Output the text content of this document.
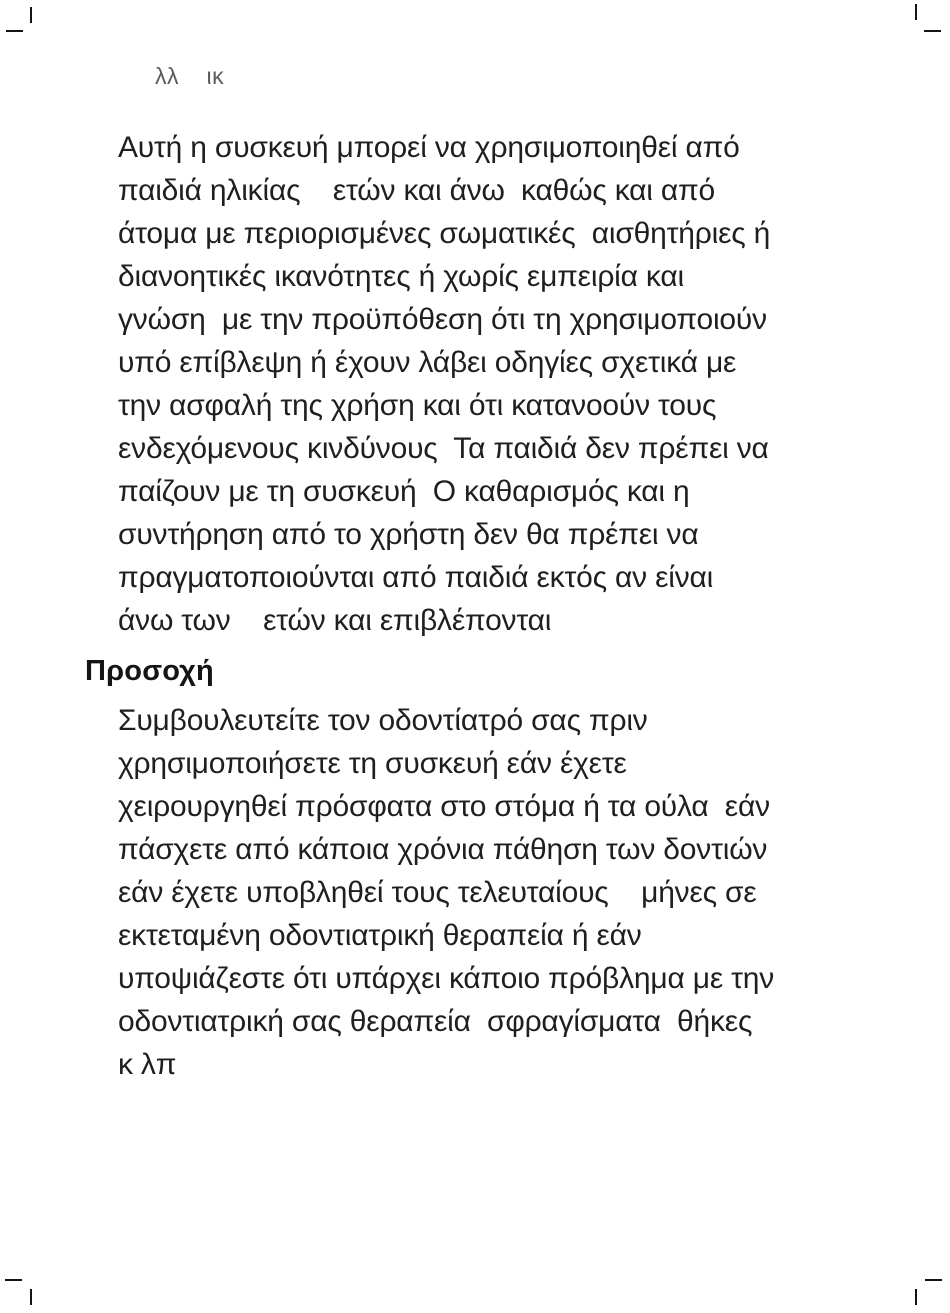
λλ    ικ
Αυτή η συσκευή μπορεί να χρησιμοποιηθεί από
παιδιά ηλικίας    ετών και άνω  καθώς και από
άτομα με περιορισμένες σωματικές  αισθητήριες ή
διανοητικές ικανότητες ή χωρίς εμπειρία και
γνώση  με την προϋπόθεση ότι τη χρησιμοποιούν
υπό επίβλεψη ή έχουν λάβει οδηγίες σχετικά με
την ασφαλή της χρήση και ότι κατανοούν τους
ενδεχόμενους κινδύνους  Τα παιδιά δεν πρέπει να
παίζουν με τη συσκευή  Ο καθαρισμός και η
συντήρηση από το χρήστη δεν θα πρέπει να
πραγματοποιούνται από παιδιά εκτός αν είναι
άνω των    ετών και επιβλέπονται
Προσοχή
Συμβουλευτείτε τον οδοντίατρό σας πριν
χρησιμοποιήσετε τη συσκευή εάν έχετε
χειρουργηθεί πρόσφατα στο στόμα ή τα ούλα  εάν
πάσχετε από κάποια χρόνια πάθηση των δοντιών
εάν έχετε υποβληθεί τους τελευταίους    μήνες σε
εκτεταμένη οδοντιατρική θεραπεία ή εάν
υποψιάζεστε ότι υπάρχει κάποιο πρόβλημα με την
οδοντιατρική σας θεραπεία  σφραγίσματα  θήκες
κ λπ
